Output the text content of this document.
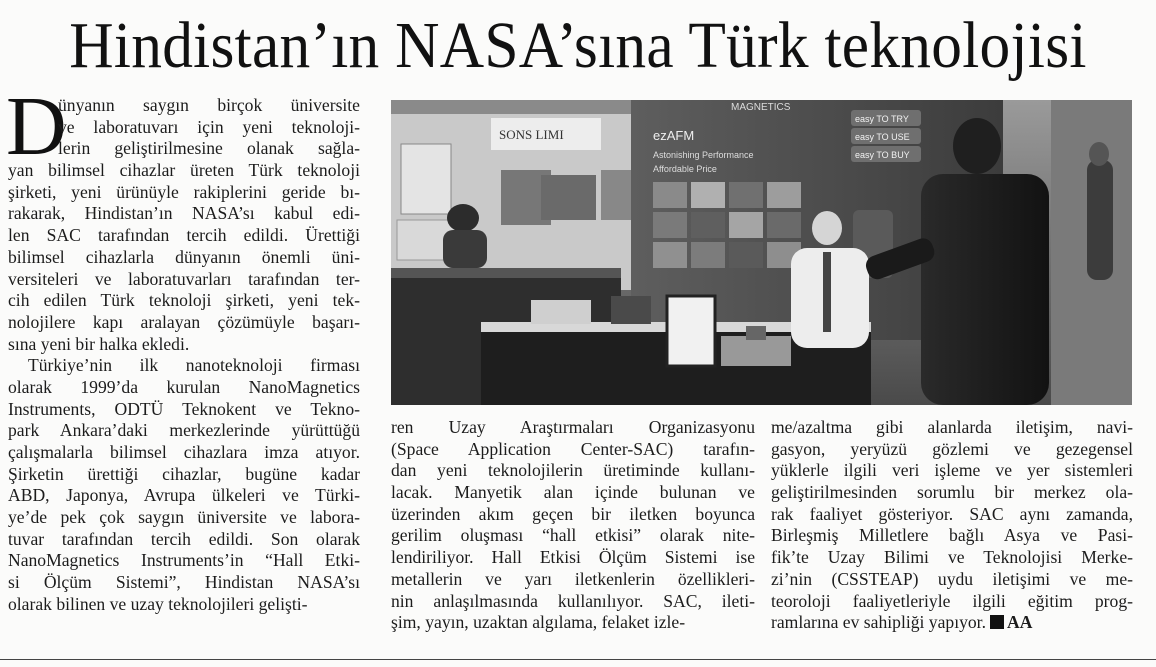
Hindistan’ın NASA’sına Türk teknolojisi
D
ünyanın saygın birçok üniversite
ve laboratuvarı için yeni teknoloji-
lerin geliştirilmesine olanak sağla-
yan bilimsel cihazlar üreten Türk teknoloji
şirketi, yeni ürünüyle rakiplerini geride bı-
rakarak, Hindistan’ın NASA’sı kabul edi-
len SAC tarafından tercih edildi. Ürettiği
bilimsel cihazlarla dünyanın önemli üni-
versiteleri ve laboratuvarları tarafından ter-
cih edilen Türk teknoloji şirketi, yeni tek-
nolojilere kapı aralayan çözümüyle başarı-
sına yeni bir halka ekledi.
Türkiye’nin ilk nanoteknoloji firması
olarak 1999’da kurulan NanoMagnetics
Instruments, ODTÜ Teknokent ve Tekno-
park Ankara’daki merkezlerinde yürüttüğü
çalışmalarla bilimsel cihazlara imza atıyor.
Şirketin ürettiği cihazlar, bugüne kadar
ABD, Japonya, Avrupa ülkeleri ve Türki-
ye’de pek çok saygın üniversite ve labora-
tuvar tarafından tercih edildi. Son olarak
NanoMagnetics Instruments’in “Hall Etki-
si Ölçüm Sistemi”, Hindistan NASA’sı
olarak bilinen ve uzay teknolojileri gelişti-
SONS LIMI
MAGNETICS
ezAFM
Astonishing Performance
Affordable Price
easy TO TRY
easy TO USE
easy TO BUY
ren Uzay Araştırmaları Organizasyonu
(Space Application Center-SAC) tarafın-
dan yeni teknolojilerin üretiminde kullanı-
lacak. Manyetik alan içinde bulunan ve
üzerinden akım geçen bir iletken boyunca
gerilim oluşması “hall etkisi” olarak nite-
lendiriliyor. Hall Etkisi Ölçüm Sistemi ise
metallerin ve yarı iletkenlerin özellikleri-
nin anlaşılmasında kullanılıyor. SAC, ileti-
şim, yayın, uzaktan algılama, felaket izle-
me/azaltma gibi alanlarda iletişim, navi-
gasyon, yeryüzü gözlemi ve gezegensel
yüklerle ilgili veri işleme ve yer sistemleri
geliştirilmesinden sorumlu bir merkez ola-
rak faaliyet gösteriyor. SAC aynı zamanda,
Birleşmiş Milletlere bağlı Asya ve Pasi-
fik’te Uzay Bilimi ve Teknolojisi Merke-
zi’nin (CSSTEAP) uydu iletişimi ve me-
teoroloji faaliyetleriyle ilgili eğitim prog-
ramlarına ev sahipliği yapıyor. AA
